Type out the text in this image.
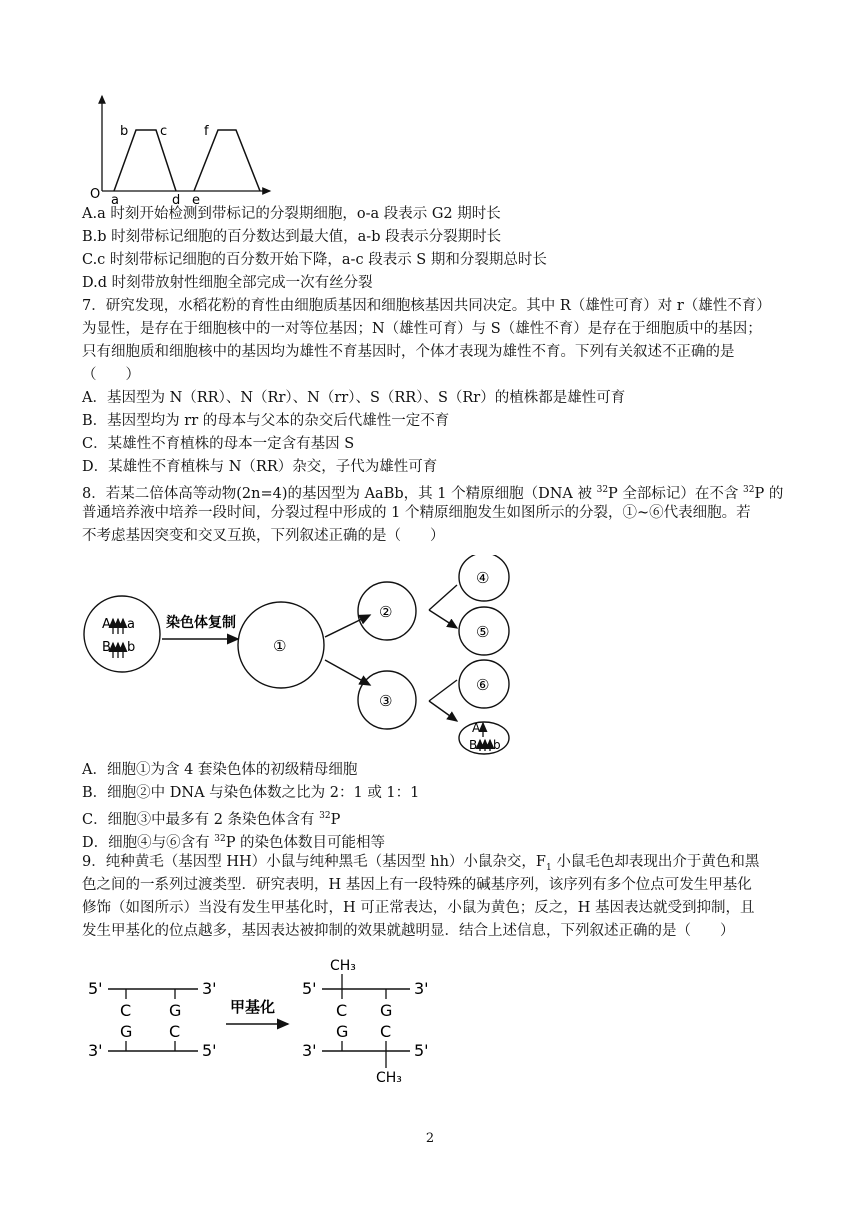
O a
b c
d e
f
A.a 时刻开始检测到带标记的分裂期细胞，o-a 段表示 G2 期时长
B.b 时刻带标记细胞的百分数达到最大值，a-b 段表示分裂期时长
C.c 时刻带标记细胞的百分数开始下降，a-c 段表示 S 期和分裂期总时长
D.d 时刻带放射性细胞全部完成一次有丝分裂
7．研究发现，水稻花粉的育性由细胞质基因和细胞核基因共同决定。其中 R（雄性可育）对 r（雄性不育）
为显性，是存在于细胞核中的一对等位基因；N（雄性可育）与 S（雄性不育）是存在于细胞质中的基因；
只有细胞质和细胞核中的基因均为雄性不育基因时，个体才表现为雄性不育。下列有关叙述不正确的是
（　　）
A．基因型为 N（RR）、N（Rr）、N（rr）、S（RR）、S（Rr）的植株都是雄性可育
B．基因型均为 rr 的母本与父本的杂交后代雄性一定不育
C．某雄性不育植株的母本一定含有基因 S
D．某雄性不育植株与 N（RR）杂交，子代为雄性可育
8．若某二倍体高等动物(2n=4)的基因型为 AaBb，其 1 个精原细胞（DNA 被 $^{32}$P 全部标记）在不含 $^{32}$P 的
普通培养液中培养一段时间，分裂过程中形成的 1 个精原细胞发生如图所示的分裂，①~⑥代表细胞。若
不考虑基因突变和交叉互换，下列叙述正确的是（　　）
A a
B b
染色体复制
①
②
③
④
⑤
⑥
A
B b
A．细胞①为含 4 套染色体的初级精母细胞
B．细胞②中 DNA 与染色体数之比为 2：1 或 1：1
C．细胞③中最多有 2 条染色体含有 $^{32}$P
D．细胞④与⑥含有 $^{32}$P 的染色体数目可能相等
9．纯种黄毛（基因型 HH）小鼠与纯种黑毛（基因型 hh）小鼠杂交，$F_1$ 小鼠毛色却表现出介于黄色和黑
色之间的一系列过渡类型．研究表明，H 基因上有一段特殊的碱基序列，该序列有多个位点可发生甲基化
修饰（如图所示）当没有发生甲基化时，H 可正常表达，小鼠为黄色；反之，H 基因表达就受到抑制，且
发生甲基化的位点越多，基因表达被抑制的效果就越明显．结合上述信息，下列叙述正确的是（　　）
5'	3'
C G
G C
3'	5'
甲基化
CH₃
5'	3'
C G
G C
3'	5'
CH₃
2
